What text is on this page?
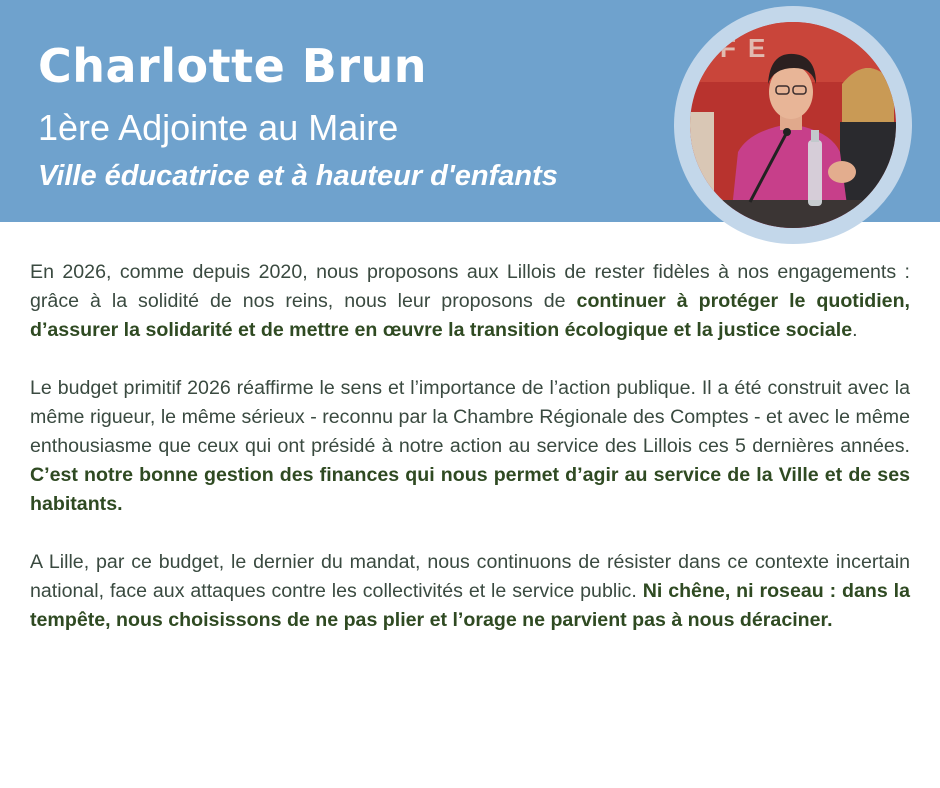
Charlotte Brun
1ère Adjointe au Maire
Ville éducatrice et à hauteur d'enfants
F E

En 2026, comme depuis 2020, nous proposons aux Lillois de rester fidèles à nos engagements : grâce à la solidité de nos reins, nous leur proposons de continuer à protéger le quotidien, d’assurer la solidarité et de mettre en œuvre la transition écologique et la justice sociale.

Le budget primitif 2026 réaffirme le sens et l’importance de l’action publique. Il a été construit avec la même rigueur, le même sérieux - reconnu par la Chambre Régionale des Comptes - et avec le même enthousiasme que ceux qui ont présidé à notre action au service des Lillois ces 5 dernières années. C’est notre bonne gestion des finances qui nous permet d’agir au service de la Ville et de ses habitants.

A Lille, par ce budget, le dernier du mandat, nous continuons de résister dans ce contexte incertain national, face aux attaques contre les collectivités et le service public. Ni chêne, ni roseau : dans la tempête, nous choisissons de ne pas plier et l’orage ne parvient pas à nous déraciner.
